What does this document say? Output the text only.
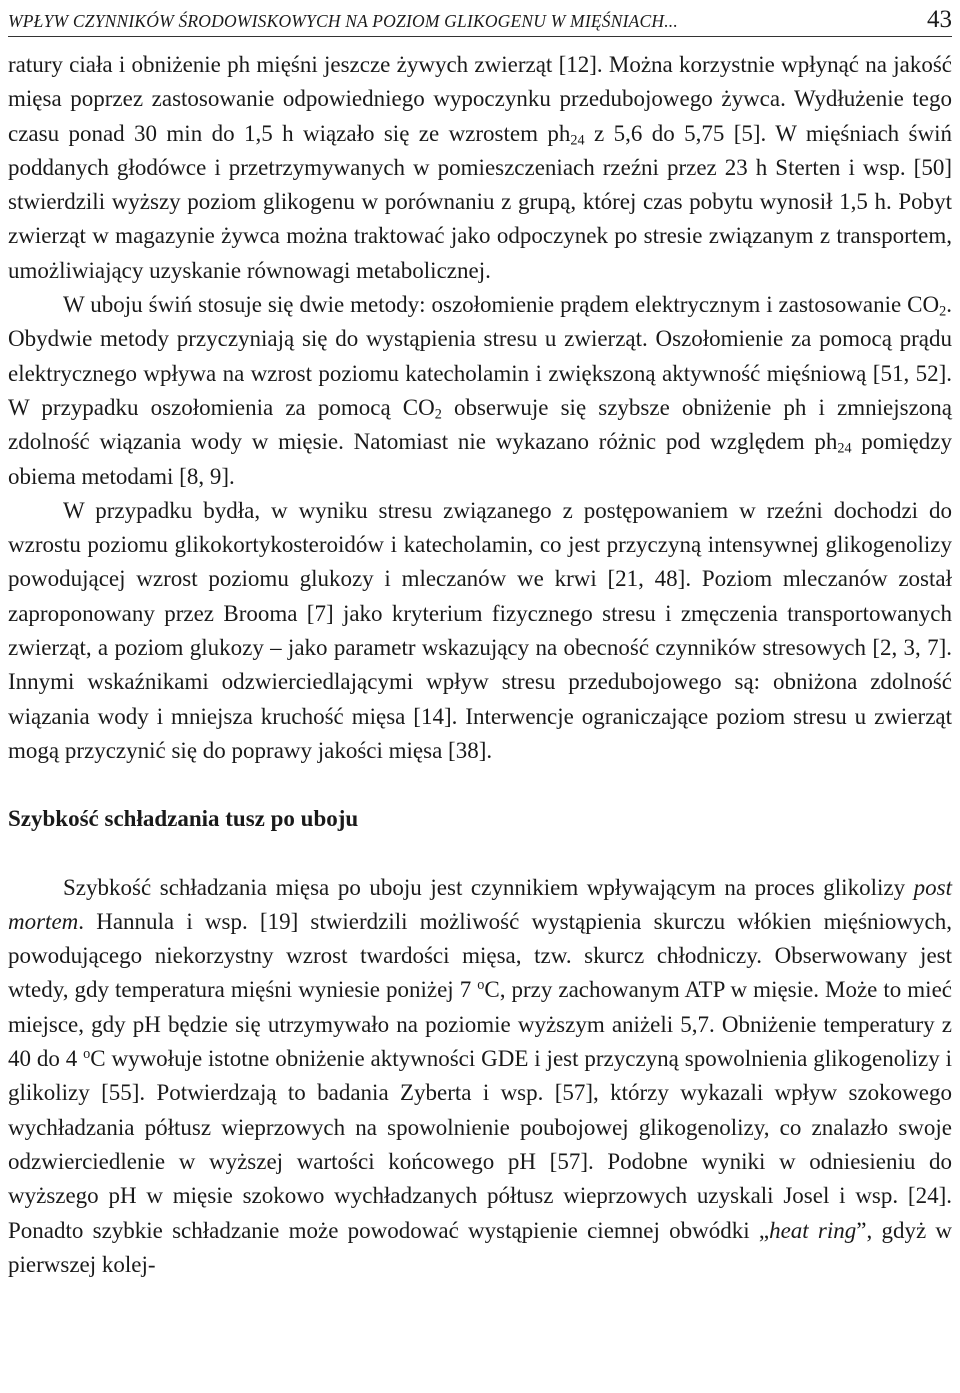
WPŁYW CZYNNIKÓW ŚRODOWISKOWYCH NA POZIOM GLIKOGENU W MIĘŚNIACH...	43

ratury ciała i obniżenie ph mięśni jeszcze żywych zwierząt [12]. Można korzystnie wpłynąć na jakość mięsa poprzez zastosowanie odpowiedniego wypoczynku przedubojowego żywca. Wydłużenie tego czasu ponad 30 min do 1,5 h wiązało się ze wzrostem $ph_{24}$ z 5,6 do 5,75 [5]. W mięśniach świń poddanych głodówce i przetrzymywanych w pomieszczeniach rzeźni przez 23 h Sterten i wsp. [50] stwierdzili wyższy poziom glikogenu w porównaniu z grupą, której czas pobytu wynosił 1,5 h. Pobyt zwierząt w magazynie żywca można traktować jako odpoczynek po stresie związanym z transportem, umożliwiający uzyskanie równowagi metabolicznej.

W uboju świń stosuje się dwie metody: oszołomienie prądem elektrycznym i zastosowanie $CO_2$. Obydwie metody przyczyniają się do wystąpienia stresu u zwierząt. Oszołomienie za pomocą prądu elektrycznego wpływa na wzrost poziomu katecholamin i zwiększoną aktywność mięśniową [51, 52]. W przypadku oszołomienia za pomocą $CO_2$ obserwuje się szybsze obniżenie ph i zmniejszoną zdolność wiązania wody w mięsie. Natomiast nie wykazano różnic pod względem $ph_{24}$ pomiędzy obiema metodami [8, 9].

W przypadku bydła, w wyniku stresu związanego z postępowaniem w rzeźni dochodzi do wzrostu poziomu glikokortykosteroidów i katecholamin, co jest przyczyną intensywnej glikogenolizy powodującej wzrost poziomu glukozy i mleczanów we krwi [21, 48]. Poziom mleczanów został zaproponowany przez Brooma [7] jako kryterium fizycznego stresu i zmęczenia transportowanych zwierząt, a poziom glukozy – jako parametr wskazujący na obecność czynników stresowych [2, 3, 7]. Innymi wskaźnikami odzwierciedlającymi wpływ stresu przedubojowego są: obniżona zdolność wiązania wody i mniejsza kruchość mięsa [14]. Interwencje ograniczające poziom stresu u zwierząt mogą przyczynić się do poprawy jakości mięsa [38].

Szybkość schładzania tusz po uboju

Szybkość schładzania mięsa po uboju jest czynnikiem wpływającym na proces glikolizy post mortem. Hannula i wsp. [19] stwierdzili możliwość wystąpienia skurczu włókien mięśniowych, powodującego niekorzystny wzrost twardości mięsa, tzw. skurcz chłodniczy. Obserwowany jest wtedy, gdy temperatura mięśni wyniesie poniżej 7 $^o$C, przy zachowanym ATP w mięsie. Może to mieć miejsce, gdy pH będzie się utrzymywało na poziomie wyższym aniżeli 5,7. Obniżenie temperatury z 40 do 4 $^o$C wywołuje istotne obniżenie aktywności GDE i jest przyczyną spowolnienia glikogenolizy i glikolizy [55]. Potwierdzają to badania Zyberta i wsp. [57], którzy wykazali wpływ szokowego wychładzania półtusz wieprzowych na spowolnienie poubojowej glikogenolizy, co znalazło swoje odzwierciedlenie w wyższej wartości końcowego pH [57]. Podobne wyniki w odniesieniu do wyższego pH w mięsie szokowo wychładzanych półtusz wieprzowych uzyskali Josel i wsp. [24]. Ponadto szybkie schładzanie może powodować wystąpienie ciemnej obwódki „heat ring”, gdyż w pierwszej kolej-
